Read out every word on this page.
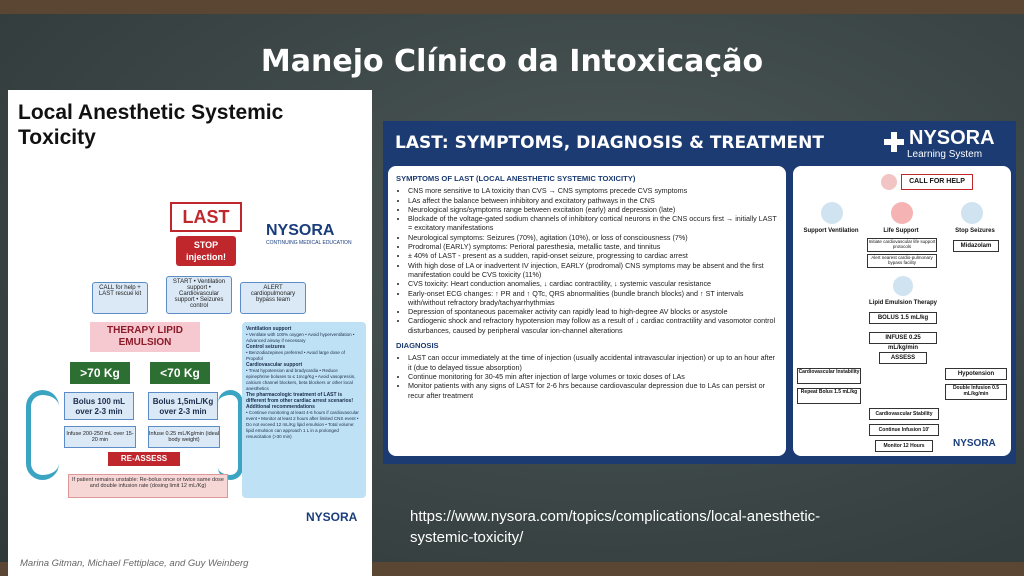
Manejo Clínico da Intoxicação
Local Anesthetic Systemic Toxicity
LAST
STOP injection!
NYSORA
CONTINUING MEDICAL EDUCATION
CALL for help + LAST rescue kit
START • Ventilation support • Cardiovascular support • Seizures control
ALERT cardiopulmonary bypass team
THERAPY LIPID EMULSION
>70 Kg	<70 Kg
Bolus 100 mL over 2-3 min
Bolus 1,5mL/Kg over 2-3 min
Infuse 200-250 mL over 15-20 min
Infuse 0.25 mL/Kg/min (ideal body weight)
RE-ASSESS
If patient remains unstable: Re-bolus once or twice same dose and double infusion rate (dosing limit 12 mL/Kg)
Ventilation support
• Ventilate with 100% oxygen • Avoid hyperventilation • Advanced airway if necessary
Control seizures
• Benzodiazepines preferred • Avoid large dose of Propofol
Cardiovascular support
• Treat hypotension and bradycardia • Reduce epinephrine boluses to ≤ 1mcg/Kg • Avoid vasopressin, calcium channel blockers, beta blockers or other local anesthetics
The pharmacologic treatment of LAST is different from other cardiac arrest scenarios!
Additional recommendations
• Continue monitoring at least 4-6 hours if cardiovascular event • Monitor at least 2 hours after limited CNS event • Do not exceed 12 mL/Kg lipid emulsion • Total volume: lipid emulsion can approach 1 L in a prolonged resuscitation (>30 min)
NYSORA
Marina Gitman, Michael Fettiplace, and Guy Weinberg
LAST: SYMPTOMS, DIAGNOSIS & TREATMENT	NYSORA
Learning System
SYMPTOMS OF LAST (LOCAL ANESTHETIC SYSTEMIC TOXICITY)
• CNS more sensitive to LA toxicity than CVS → CNS symptoms precede CVS symptoms
• LAs affect the balance between inhibitory and excitatory pathways in the CNS
• Neurological signs/symptoms range between excitation (early) and depression (late)
• Blockade of the voltage-gated sodium channels of inhibitory cortical neurons in the CNS occurs first → initially LAST = excitatory manifestations
• Neurological symptoms: Seizures (70%), agitation (10%), or loss of consciousness (7%)
• Prodromal (EARLY) symptoms: Perioral paresthesia, metallic taste, and tinnitus
• ± 40% of LAST - present as a sudden, rapid-onset seizure, progressing to cardiac arrest
• With high dose of LA or inadvertent IV injection, EARLY (prodromal) CNS symptoms may be absent and the first manifestation could be CVS toxicity (11%)
• CVS toxicity: Heart conduction anomalies, ↓ cardiac contractility, ↓ systemic vascular resistance
• Early-onset ECG changes: ↑ PR and ↑ QTc, QRS abnormalities (bundle branch blocks) and ↑ ST intervals with/without refractory brady/tachyarrhythmias
• Depression of spontaneous pacemaker activity can rapidly lead to high-degree AV blocks or asystole
• Cardiogenic shock and refractory hypotension may follow as a result of ↓ cardiac contractility and vasomotor control disturbances, caused by peripheral vascular ion-channel alterations
DIAGNOSIS
• LAST can occur immediately at the time of injection (usually accidental intravascular injection) or up to an hour after it (due to delayed tissue absorption)
• Continue monitoring for 30-45 min after injection of large volumes or toxic doses of LAs
• Monitor patients with any signs of LAST for 2-6 hrs because cardiovascular depression due to LAs can persist or recur after treatment
CALL FOR HELP
Support Ventilation	Life Support	Stop Seizures
Initiate cardiovascular life support protocols
Alert nearest cardio-pulmonary bypass facility
Midazolam
Lipid Emulsion Therapy
BOLUS 1.5 mL/kg
INFUSE 0.25 mL/kg/min
ASSESS
Cardiovascular Instability	Hypotension
Repeat Bolus 1.5 mL/kg
Double Infusion 0.5 mL/kg/min
Cardiovascular Stability
Continue Infusion 10'
Monitor 12 Hours	NYSORA
https://www.nysora.com/topics/complications/local-anesthetic-
systemic-toxicity/
